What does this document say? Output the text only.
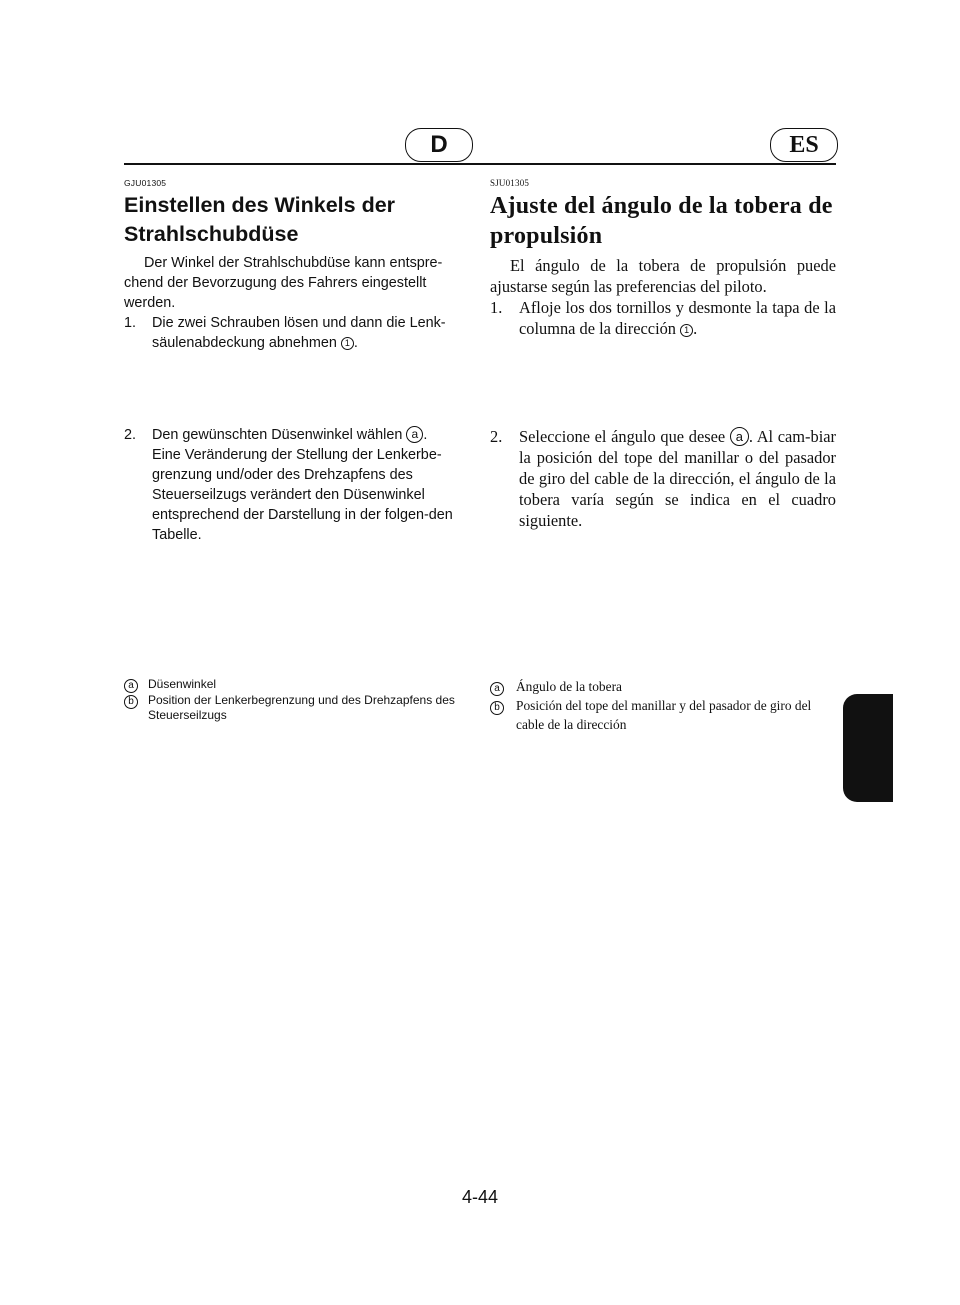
D	ES
GJU01305
Einstellen des Winkels der
Strahlschubdüse

Der Winkel der Strahlschubdüse kann entspre-chend der Bevorzugung des Fahrers eingestellt werden.

1.	Die zwei Schrauben lösen und dann die Lenk-säulenabdeckung abnehmen 1 .
2.	Den gewünschten Düsenwinkel wählen a .
Eine Veränderung der Stellung der Lenkerbe-grenzung und/oder des Drehzapfens des Steuerseilzugs verändert den Düsenwinkel entsprechend der Darstellung in der folgen-den Tabelle.
a	Düsenwinkel
b	Position der Lenkerbegrenzung und des Drehzapfens des Steuerseilzugs
SJU01305
Ajuste del ángulo de la tobera de
propulsión

El ángulo de la tobera de propulsión puede ajustarse según las preferencias del piloto.

1.	Afloje los dos tornillos y desmonte la tapa de la columna de la dirección 1 .
2.	Seleccione el ángulo que desee a . Al cam-biar la posición del tope del manillar o del pasador de giro del cable de la dirección, el ángulo de la tobera varía según se indica en el cuadro siguiente.
a	Ángulo de la tobera
b	Posición del tope del manillar y del pasador de giro del cable de la dirección
4-44
